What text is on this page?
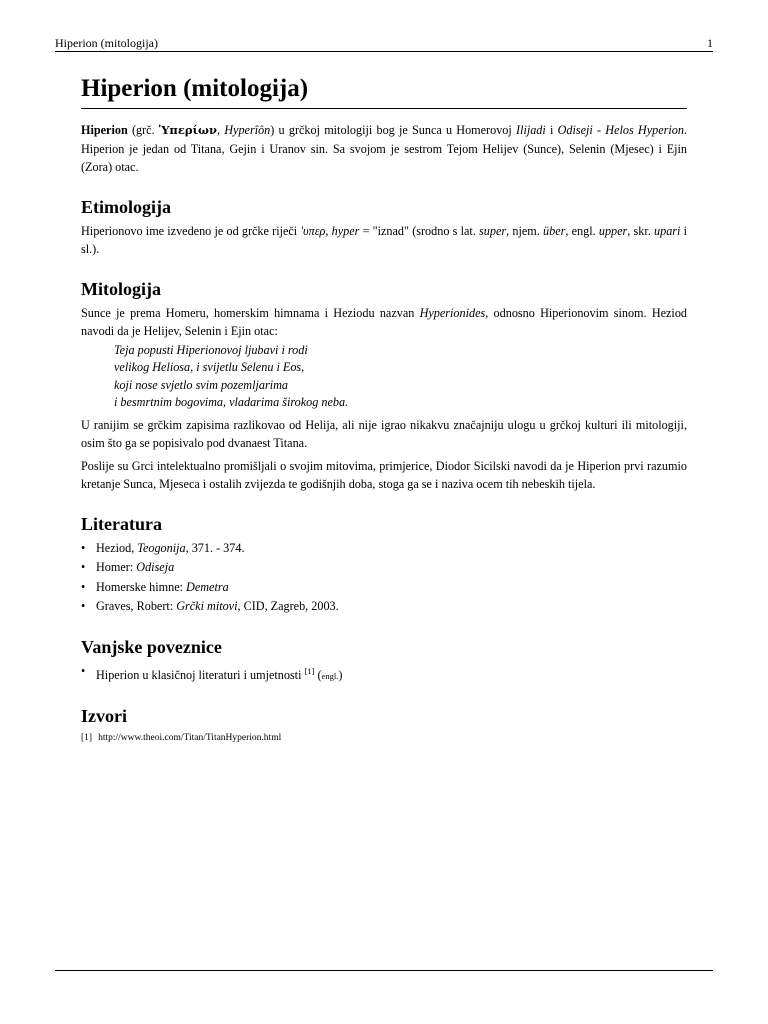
Hiperion (mitologija)	1
Hiperion (mitologija)

Hiperion (grč. Ὑπερίων, Hyperîôn) u grčkoj mitologiji bog je Sunca u Homerovoj Ilijadi i Odiseji - Helos Hyperion. Hiperion je jedan od Titana, Gejin i Uranov sin. Sa svojom je sestrom Tejom Helijev (Sunce), Selenin (Mjesec) i Ejin (Zora) otac.

Etimologija

Hiperionovo ime izvedeno je od grčke riječi 'υπερ, hyper = "iznad" (srodno s lat. super, njem. über, engl. upper, skr. upari i sl.).

Mitologija

Sunce je prema Homeru, homerskim himnama i Heziodu nazvan Hyperionides, odnosno Hiperionovim sinom. Heziod navodi da je Helijev, Selenin i Ejin otac:

Teja popusti Hiperionovoj ljubavi i rodi
velikog Heliosa, i svijetlu Selenu i Eos,
koji nose svjetlo svim pozemljarima
i besmrtnim bogovima, vladarima širokog neba.

U ranijim se grčkim zapisima razlikovao od Helija, ali nije igrao nikakvu značajniju ulogu u grčkoj kulturi ili mitologiji, osim što ga se popisivalo pod dvanaest Titana.

Poslije su Grci intelektualno promišljali o svojim mitovima, primjerice, Diodor Sicilski navodi da je Hiperion prvi razumio kretanje Sunca, Mjeseca i ostalih zvijezda te godišnjih doba, stoga ga se i naziva ocem tih nebeskih tijela.

Literatura
• Heziod, Teogonija, 371. - 374.
• Homer: Odiseja
• Homerske himne: Demetra
• Graves, Robert: Grčki mitovi, CID, Zagreb, 2003.
Vanjske poveznice
• Hiperion u klasičnoj literaturi i umjetnosti [1] (engl.)
Izvori
[1] http://www.theoi.com/Titan/TitanHyperion.html
